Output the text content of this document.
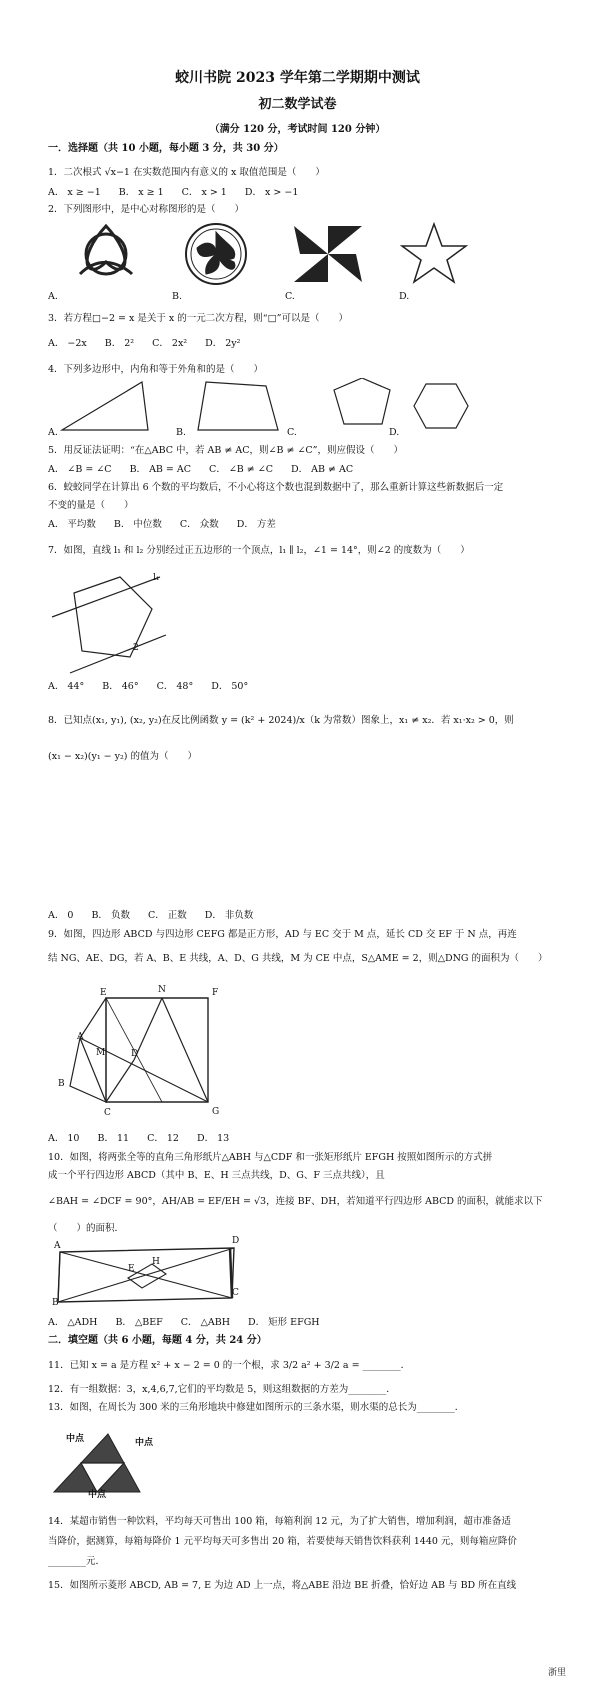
蛟川书院 2023 学年第二学期期中测试
初二数学试卷
（满分 120 分，考试时间 120 分钟）
一．选择题（共 10 小题，每小题 3 分，共 30 分）
1．二次根式 √x−1 在实数范围内有意义的 x 取值范围是（　　）
A． x ≥ −1 B． x ≥ 1 C． x > 1 D． x > −1
2．下列图形中，是中心对称图形的是（　　）
A.	B.	C.	D.
3．若方程□−2 = x 是关于 x 的一元二次方程，则“□”可以是（　　）
A． −2x B． 2² C． 2x² D． 2y²
4．下列多边形中，内角和等于外角和的是（　　）
A.	B.	C.	D.
5．用反证法证明：“在△ABC 中，若 AB ≠ AC，则∠B ≠ ∠C”，则应假设（　　）
A． ∠B = ∠C B． AB = AC C． ∠B ≠ ∠C D． AB ≠ AC
6．蛟蛟同学在计算出 6 个数的平均数后，不小心将这个数也混到数据中了，那么重新计算这些新数据后一定
不变的量是（　　）
A． 平均数 B． 中位数 C． 众数 D． 方差
7．如图，直线 l₁ 和 l₂ 分别经过正五边形的一个顶点，l₁ ∥ l₂，∠1 = 14°，则∠2 的度数为（　　）
l₁
2
A． 44° B． 46° C． 48° D． 50°
8．已知点(x₁, y₁), (x₂, y₂)在反比例函数 y = (k² + 2024)/x（k 为常数）图象上，x₁ ≠ x₂．若 x₁·x₂ > 0，则
(x₁ − x₂)(y₁ − y₂) 的值为（　　）
A． 0 B． 负数 C． 正数 D． 非负数
9．如图，四边形 ABCD 与四边形 CEFG 都是正方形，AD 与 EC 交于 M 点，延长 CD 交 EF 于 N 点，再连
结 NG、AE、DG，若 A、B、E 共线，A、D、G 共线，M 为 CE 中点，S△AME = 2，则△DNG 的面积为（　　）
E	N	F
A
M	D
B
C	G
A． 10 B． 11 C． 12 D． 13
10．如图，将两张全等的直角三角形纸片△ABH 与△CDF 和一张矩形纸片 EFGH 按照如图所示的方式拼
成一个平行四边形 ABCD（其中 B、E、H 三点共线，D、G、F 三点共线），且
∠BAH = ∠DCF = 90°，AH/AB = EF/EH = √3，连接 BF、DH，若知道平行四边形 ABCD 的面积，就能求以下
（　　）的面积．
A	D
E
H
B
C
A． △ADH B． △BEF C． △ABH D． 矩形 EFGH
二．填空题（共 6 小题，每题 4 分，共 24 分）
11．已知 x = a 是方程 x² + x − 2 = 0 的一个根，求 3/2 a² + 3/2 a = ________．
12．有一组数据：3，x,4,6,7,它们的平均数是 5，则这组数据的方差为________．
13．如图，在周长为 300 米的三角形地块中修建如图所示的三条水渠，则水渠的总长为________．
中点	中点
中点
14．某超市销售一种饮料，平均每天可售出 100 箱，每箱利润 12 元，为了扩大销售，增加利润，超市准备适
当降价，据测算，每箱每降价 1 元平均每天可多售出 20 箱，若要使每天销售饮料获利 1440 元，则每箱应降价
________元．
15．如图所示菱形 ABCD, AB = 7, E 为边 AD 上一点，将△ABE 沿边 BE 折叠，恰好边 AB 与 BD 所在直线
浙里
